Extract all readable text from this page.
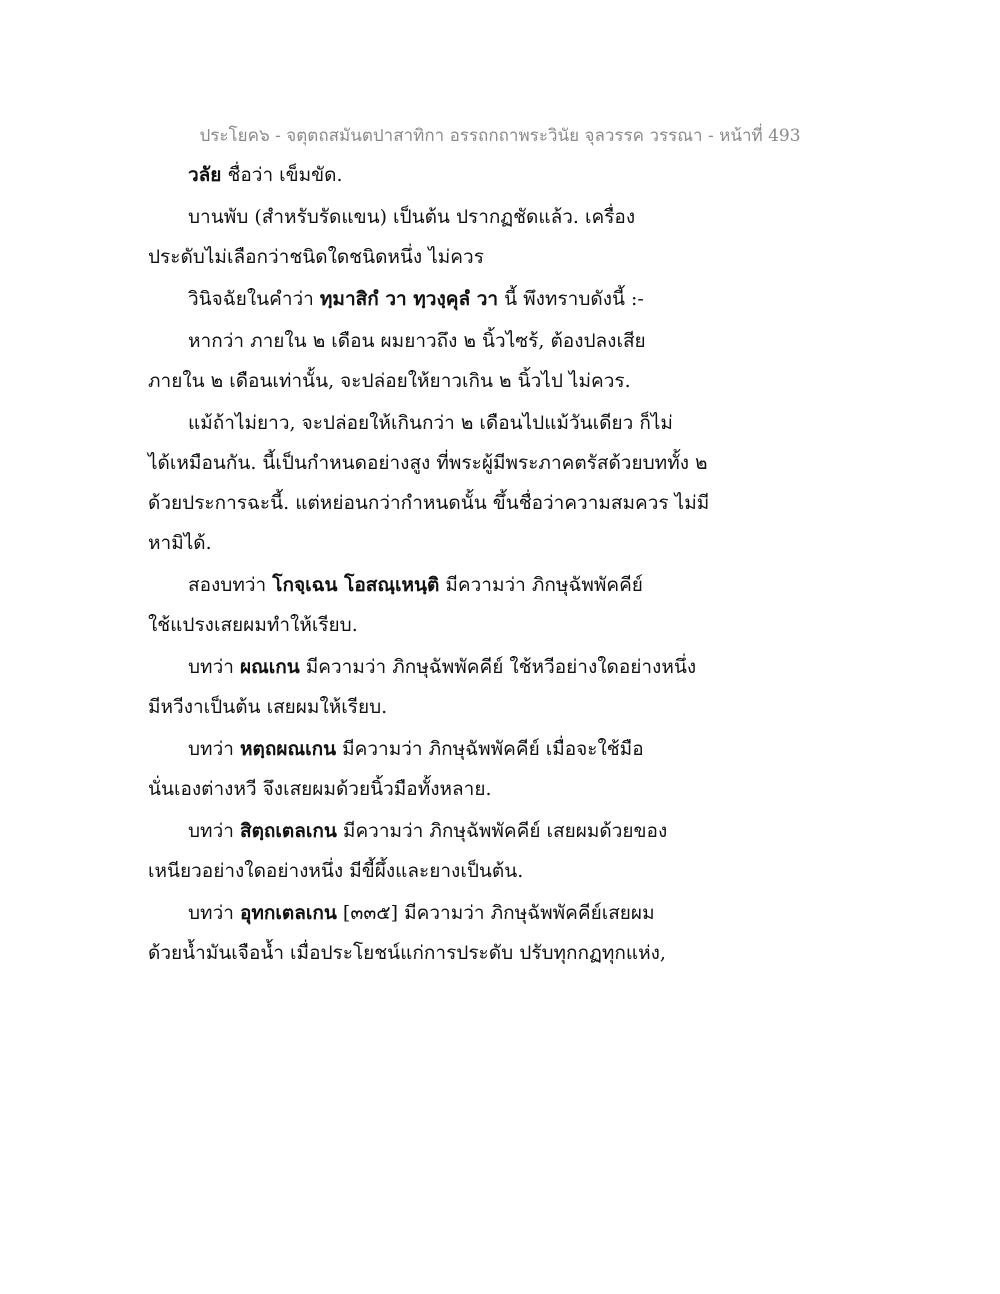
ประโยค๖ - จตุตถสมันตปาสาทิกา อรรถกถาพระวินัย จุลวรรค วรรณา - หน้าที่ 493
วลัย ชื่อว่า เข็มขัด.
บานพับ (สำหรับรัดแขน) เป็นต้น ปรากฏชัดแล้ว. เครื่อง
ประดับไม่เลือกว่าชนิดใดชนิดหนึ่ง ไม่ควร
วินิจฉัยในคำว่า ทฺมาสิกํ วา ทฺวงฺคุลํ วา นี้ พึงทราบดังนี้ :-
หากว่า ภายใน ๒ เดือน ผมยาวถึง ๒ นิ้วไซร้, ต้องปลงเสีย
ภายใน ๒ เดือนเท่านั้น, จะปล่อยให้ยาวเกิน ๒ นิ้วไป ไม่ควร.
แม้ถ้าไม่ยาว, จะปล่อยให้เกินกว่า ๒ เดือนไปแม้วันเดียว ก็ไม่
ได้เหมือนกัน. นี้เป็นกำหนดอย่างสูง ที่พระผู้มีพระภาคตรัสด้วยบททั้ง ๒
ด้วยประการฉะนี้. แต่หย่อนกว่ากำหนดนั้น ขึ้นชื่อว่าความสมควร ไม่มี
หามิได้.
สองบทว่า โกจฺเฉน โอสณฺเหนฺติ มีความว่า ภิกษุฉัพพัคคีย์
ใช้แปรงเสยผมทำให้เรียบ.
บทว่า ผณเกน มีความว่า ภิกษุฉัพพัคคีย์ ใช้หวีอย่างใดอย่างหนึ่ง
มีหวีงาเป็นต้น เสยผมให้เรียบ.
บทว่า หตฺถผณเกน มีความว่า ภิกษุฉัพพัคคีย์ เมื่อจะใช้มือ
นั่นเองต่างหวี จึงเสยผมด้วยนิ้วมือทั้งหลาย.
บทว่า สิตฺถเตลเกน มีความว่า ภิกษุฉัพพัคคีย์ เสยผมด้วยของ
เหนียวอย่างใดอย่างหนึ่ง มีขี้ผึ้งและยางเป็นต้น.
บทว่า อุทกเตลเกน [๓๓๕] มีความว่า ภิกษุฉัพพัคคีย์เสยผม
ด้วยน้ำมันเจือน้ำ เมื่อประโยชน์แก่การประดับ ปรับทุกกฏทุกแห่ง,
